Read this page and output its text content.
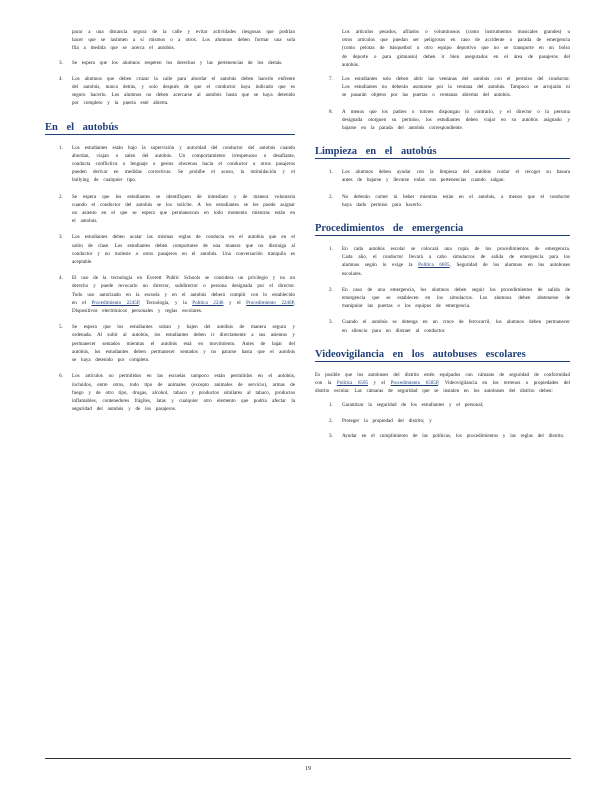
parar a una distancia segura de la calle y evitar actividades riesgosas que podrían hacer que se lastimen a sí mismos o a otros. Los alumnos deben formar una sola fila a medida que se acerca el autobús.

3. Se espera que los alumnos respeten los derechos y las pertenencias de los demás.
4. Los alumnos que deben cruzar la calle para abordar el autobús deben hacerlo enfrente del autobús, nunca detrás, y solo después de que el conductor haya indicado que es seguro hacerlo. Los alumnos no deben acercarse al autobús hasta que se haya detenido por completo y la puerta esté abierta.
En el autobús
1. Los estudiantes están bajo la supervisión y autoridad del conductor del autobús cuando abordan, viajan o salen del autobús. Un comportamiento irrespetuoso o desafiante, conducta conflictiva o lenguaje o gestos obscenos hacia el conductor u otros pasajeros pueden derivar en medidas correctivas. Se prohíbe el acoso, la intimidación y el bullying de cualquier tipo.
2. Se espera que los estudiantes se identifiquen de inmediato y de manera voluntaria cuando el conductor del autobús se los solicite. A los estudiantes se les puede asignar un asiento en el que se espera que permanezcan en todo momento mientras están en el autobús.
3. Los estudiantes deben acatar las mismas reglas de conducta en el autobús que en el salón de clase. Los estudiantes deben comportarse de una manera que no distraiga al conductor y no moleste a otros pasajeros en el autobús. Una conversación tranquila es aceptable.
4. El uso de la tecnología en Everett Public Schools se considera un privilegio y no un derecho y puede revocarlo un director, subdirector o persona designada por el director. Todo uso autorizado en la escuela y en el autobús deberá cumplir con lo establecido en el Procedimiento 2245P, Tecnología, y la Política 2246 y el Procedimiento 2246P, Dispositivos electrónicos personales y reglas escolares.
5. Se espera que los estudiantes suban y bajen del autobús de manera segura y ordenada. Al subir al autobús, los estudiantes deben ir directamente a sus asientos y permanecer sentados mientras el autobús está en movimiento. Antes de bajar del autobús, los estudiantes deben permanecer sentados y no pararse hasta que el autobús se haya detenido por completo.
6. Los artículos no permitidos en las escuelas tampoco están permitidos en el autobús, incluidos, entre otros, todo tipo de animales (excepto animales de servicio), armas de fuego y de otro tipo, drogas, alcohol, tabaco y productos similares al tabaco, productos inflamables, contenedores frágiles, latas y cualquier otro elemento que podría afectar la seguridad del autobús y de los pasajeros.

Los artículos pesados, afilados o voluminosos (como instrumentos musicales grandes) u otros artículos que puedan ser peligrosos en caso de accidente o parada de emergencia (como pelotas de básquetbol u otro equipo deportivo que no se transporte en un bolso de deporte o para gimnasio) deben ir bien asegurados en el área de pasajeros del autobús.

7. Los estudiantes solo deben abrir las ventanas del autobús con el permiso del conductor. Los estudiantes no deberán asomarse por la ventana del autobús. Tampoco se arrojarán ni se pasarán objetos por las puertas o ventanas abiertas del autobús.
8. A menos que los padres o tutores dispongan lo contrario, y el director o la persona designada otorguen su permiso, los estudiantes deben viajar en su autobús asignado y bajarse en la parada del autobús correspondiente.
Limpieza en el autobús
1. Los alumnos deben ayudar con la limpieza del autobús cuidar el recoger su basura antes de bajarse y llevarse todas sus pertenencias cuando salgan.
2. No deberán comer ni beber mientras están en el autobús, a menos que el conductor haya dado permiso para hacerlo.
Procedimientos de emergencia
1. En cada autobús escolar se colocará una copia de los procedimientos de emergencia. Cada año, el conductor llevará a cabo simulacros de salida de emergencia para los alumnos según lo exige la Política 6605, Seguridad de los alumnos en los autobuses escolares.
2. En caso de una emergencia, los alumnos deben seguir los procedimientos de salida de emergencia que se establecen en los simulacros. Los alumnos deben abstenerse de manipular las puertas o los equipos de emergencia.
3. Cuando el autobús se detenga en un cruce de ferrocarril, los alumnos deben permanecer en silencio para no distraer al conductor.
Videovigilancia en los autobuses escolares

Es posible que los autobuses del distrito estén equipados con cámaras de seguridad de conformidad con la Política 6505 y el Procedimiento 6505P, Videovigilancia en los terrenos o propiedades del distrito escolar. Las cámaras de seguridad que se instalen en los autobuses del distrito deben:

1. Garantizar la seguridad de los estudiantes y el personal;
2. Proteger la propiedad del distrito; y
3. Ayudar en el cumplimiento de las políticas, los procedimientos y las reglas del distrito.
19
